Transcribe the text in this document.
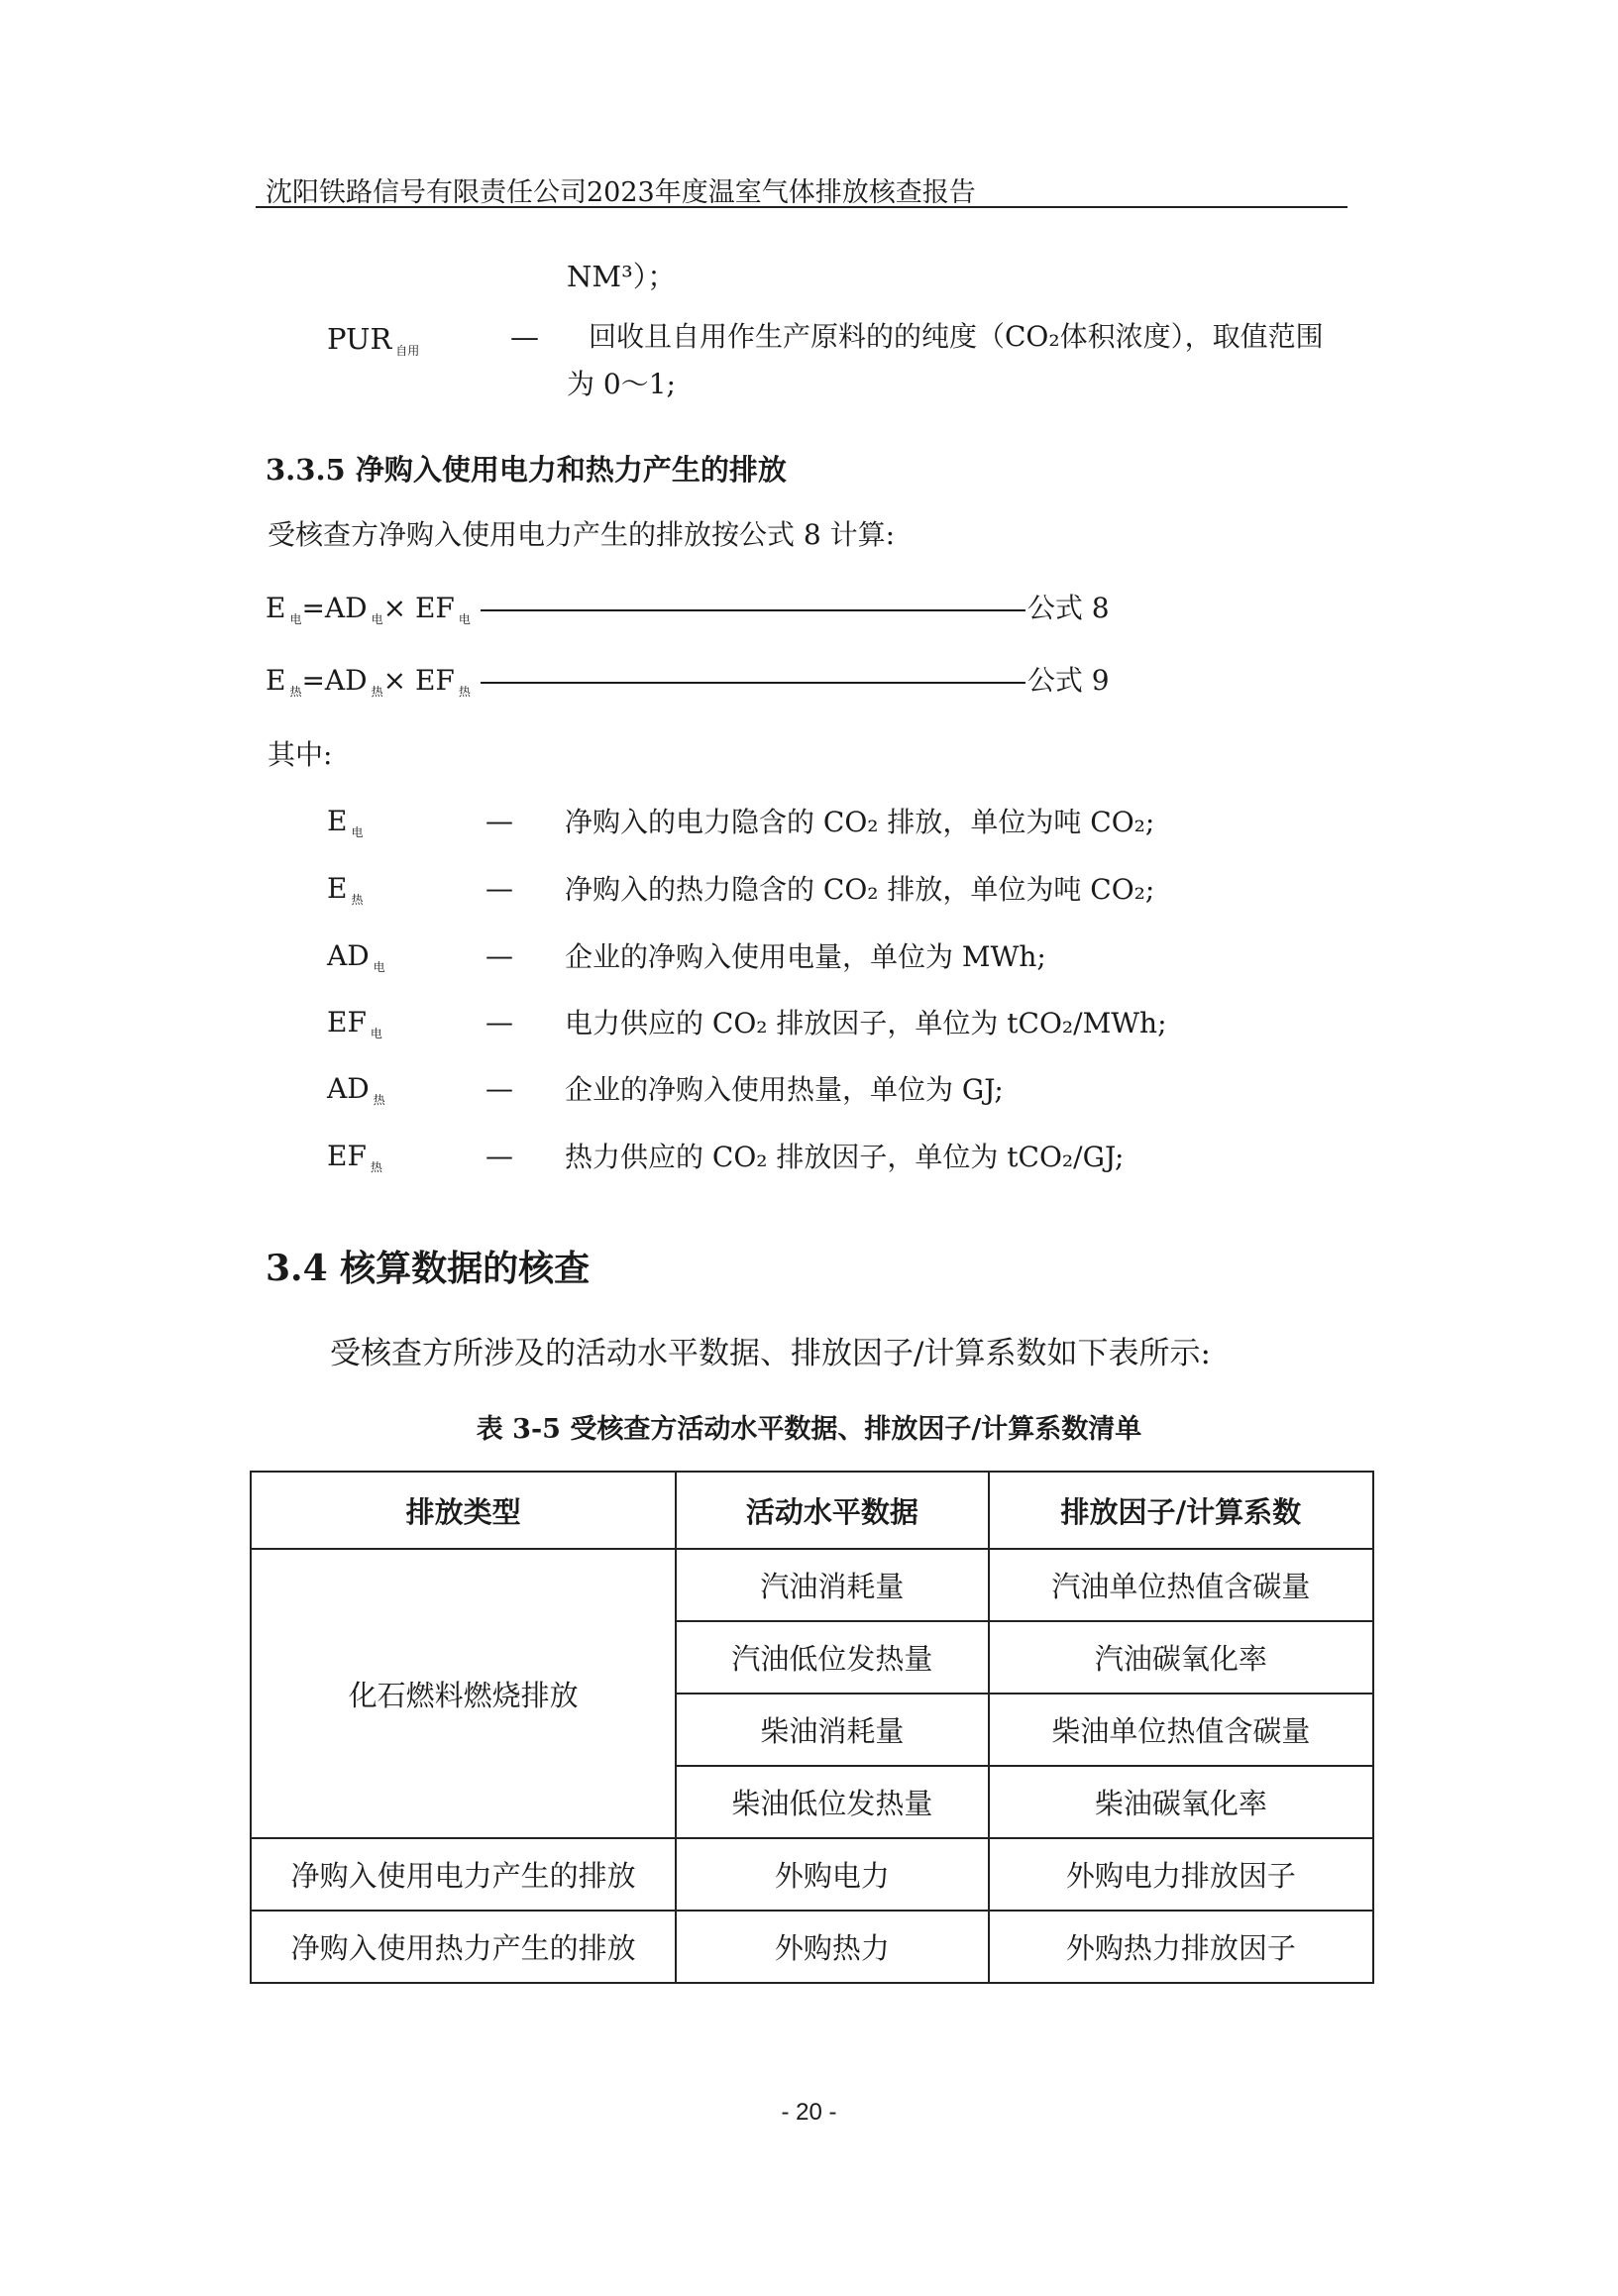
沈阳铁路信号有限责任公司2023年度温室气体排放核查报告
NM³）；
PUR $_{自用}$	— 回收且自用作生产原料的的纯度（CO₂体积浓度），取值范围
为 0～1;
3.3.5 净购入使用电力和热力产生的排放
受核查方净购入使用电力产生的排放按公式 8 计算:
E $_电$=AD $_电$× EF $_电$	公式 8
E $_热$=AD $_热$× EF $_热$	公式 9
其中:
E $_电$	— 净购入的电力隐含的 CO₂ 排放，单位为吨 CO₂;
E $_热$	— 净购入的热力隐含的 CO₂ 排放，单位为吨 CO₂;
AD $_电$	— 企业的净购入使用电量，单位为 MWh;
EF $_电$	— 电力供应的 CO₂ 排放因子，单位为 tCO₂/MWh;
AD $_热$	— 企业的净购入使用热量，单位为 GJ;
EF $_热$	— 热力供应的 CO₂ 排放因子，单位为 tCO₂/GJ;
3.4 核算数据的核查
受核查方所涉及的活动水平数据、排放因子/计算系数如下表所示:
表 3-5 受核查方活动水平数据、排放因子/计算系数清单
排放类型	活动水平数据	排放因子/计算系数
化石燃料燃烧排放	汽油消耗量	汽油单位热值含碳量
	汽油低位发热量	汽油碳氧化率
	柴油消耗量	柴油单位热值含碳量
	柴油低位发热量	柴油碳氧化率
净购入使用电力产生的排放	外购电力	外购电力排放因子
净购入使用热力产生的排放	外购热力	外购热力排放因子
- 20 -
